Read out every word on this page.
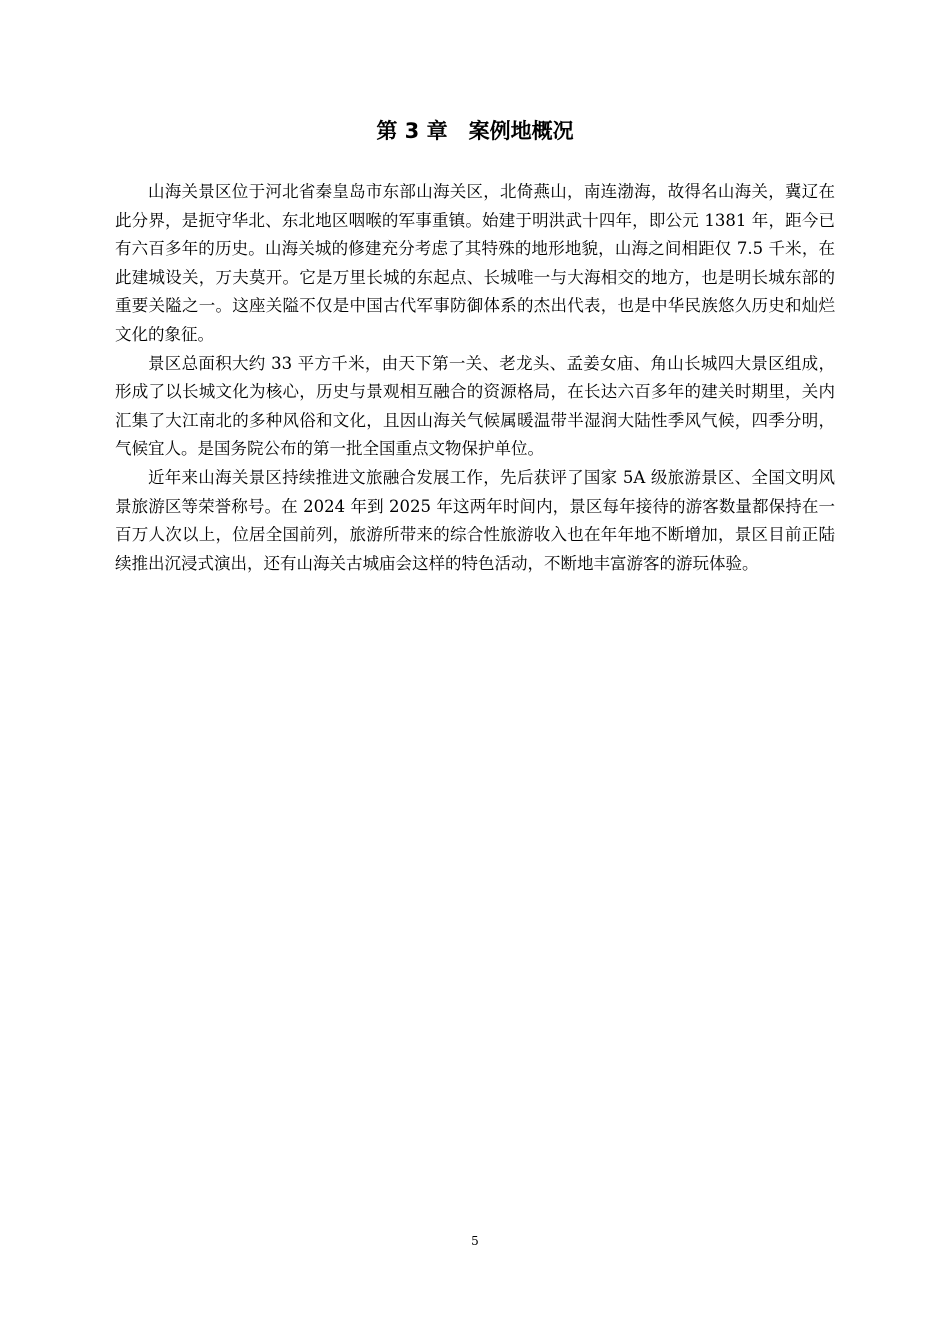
第 3 章　案例地概况

山海关景区位于河北省秦皇岛市东部山海关区，北倚燕山，南连渤海，故得名山海关，冀辽在此分界，是扼守华北、东北地区咽喉的军事重镇。始建于明洪武十四年，即公元 1381 年，距今已有六百多年的历史。山海关城的修建充分考虑了其特殊的地形地貌，山海之间相距仅 7.5 千米，在此建城设关，万夫莫开。它是万里长城的东起点、长城唯一与大海相交的地方，也是明长城东部的重要关隘之一。这座关隘不仅是中国古代军事防御体系的杰出代表，也是中华民族悠久历史和灿烂文化的象征。

景区总面积大约 33 平方千米，由天下第一关、老龙头、孟姜女庙、角山长城四大景区组成，形成了以长城文化为核心，历史与景观相互融合的资源格局，在长达六百多年的建关时期里，关内汇集了大江南北的多种风俗和文化，且因山海关气候属暖温带半湿润大陆性季风气候，四季分明，气候宜人。是国务院公布的第一批全国重点文物保护单位。

近年来山海关景区持续推进文旅融合发展工作，先后获评了国家 5A 级旅游景区、全国文明风景旅游区等荣誉称号。在 2024 年到 2025 年这两年时间内，景区每年接待的游客数量都保持在一百万人次以上，位居全国前列，旅游所带来的综合性旅游收入也在年年地不断增加，景区目前正陆续推出沉浸式演出，还有山海关古城庙会这样的特色活动，不断地丰富游客的游玩体验。

5
